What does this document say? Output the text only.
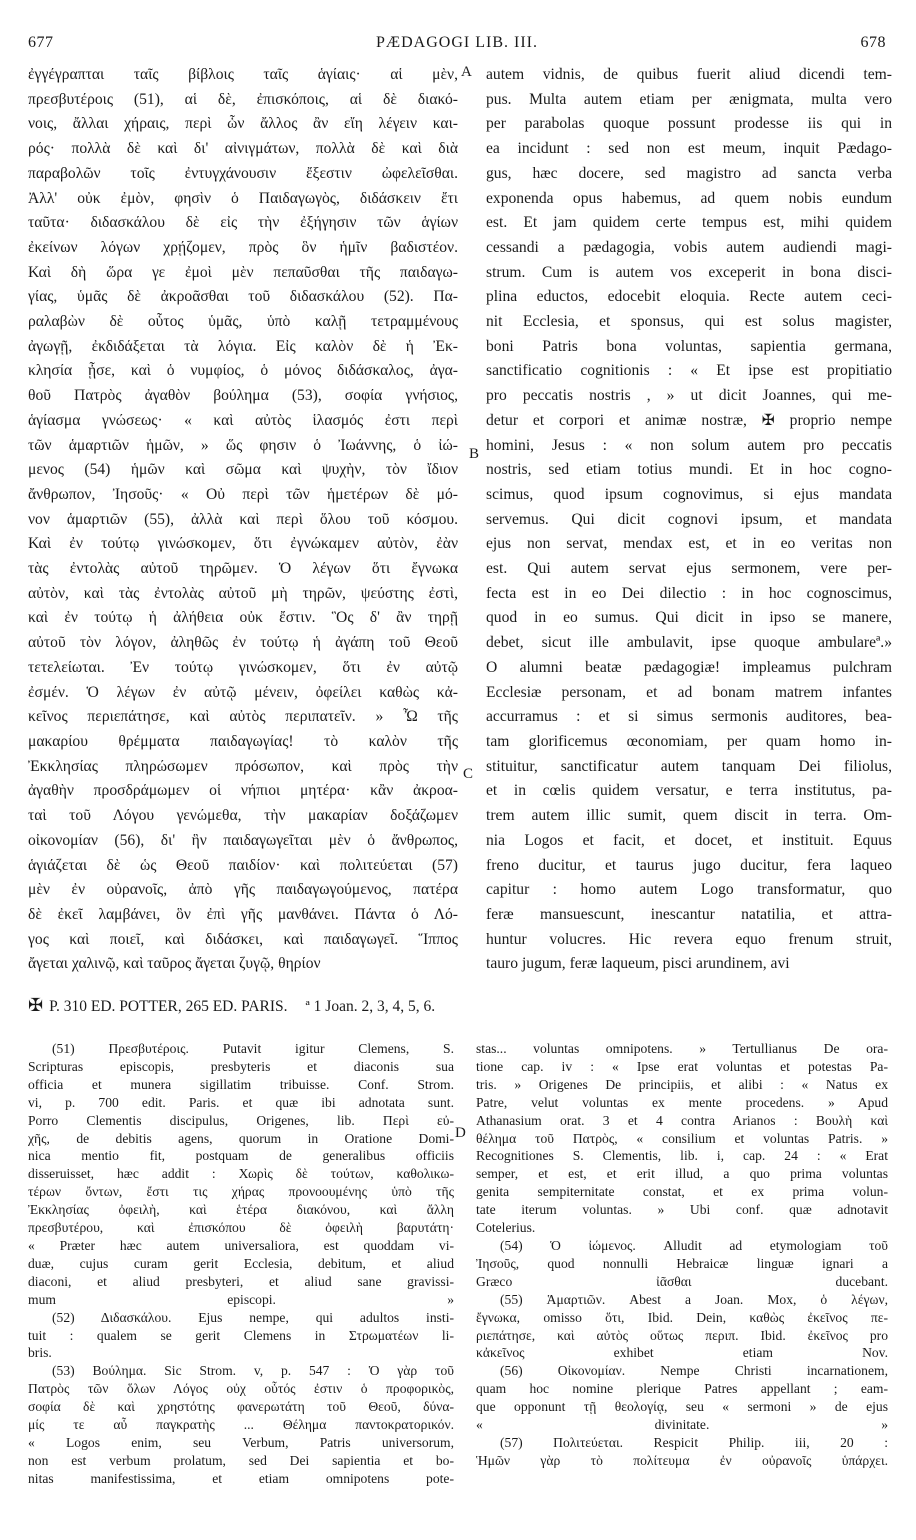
677	PÆDAGOGI LIB. III.	678
ἐγγέγραπται ταῖς βίβλοις ταῖς ἁγίαις· αἱ μὲν,
πρεσβυτέροις (51), αἱ δὲ, ἐπισκόποις, αἱ δὲ διακό-
νοις, ἄλλαι χήραις, περὶ ὧν ἄλλος ἂν εἴη λέγειν και-
ρός· πολλὰ δὲ καὶ δι' αἰνιγμάτων, πολλὰ δὲ καὶ διὰ
παραβολῶν τοῖς ἐντυγχάνουσιν ἔξεστιν ὠφελεῖσθαι.
Ἀλλ' οὐκ ἐμὸν, φησὶν ὁ Παιδαγωγὸς, διδάσκειν ἔτι
ταῦτα· διδασκάλου δὲ εἰς τὴν ἐξήγησιν τῶν ἁγίων
ἐκείνων λόγων χρῄζομεν, πρὸς ὃν ἡμῖν βαδιστέον.
Καὶ δὴ ὥρα γε ἐμοὶ μὲν πεπαῦσθαι τῆς παιδαγω-
γίας, ὑμᾶς δὲ ἀκροᾶσθαι τοῦ διδασκάλου (52). Πα-
ραλαβὼν δὲ οὗτος ὑμᾶς, ὑπὸ καλῇ τετραμμένους
ἀγωγῇ, ἐκδιδάξεται τὰ λόγια. Εἰς καλὸν δὲ ἡ Ἐκ-
κλησία ᾖσε, καὶ ὁ νυμφίος, ὁ μόνος διδάσκαλος, ἀγα-
θοῦ Πατρὸς ἀγαθὸν βούλημα (53), σοφία γνήσιος,
ἁγίασμα γνώσεως· « καὶ αὐτὸς ἱλασμός ἐστι περὶ
τῶν ἁμαρτιῶν ἡμῶν, » ὥς φησιν ὁ Ἰωάννης, ὁ ἰώ-
μενος (54) ἡμῶν καὶ σῶμα καὶ ψυχὴν, τὸν ἴδιον
ἄνθρωπον, Ἰησοῦς· « Οὐ περὶ τῶν ἡμετέρων δὲ μό-
νον ἁμαρτιῶν (55), ἀλλὰ καὶ περὶ ὅλου τοῦ κόσμου.
Καὶ ἐν τούτῳ γινώσκομεν, ὅτι ἐγνώκαμεν αὐτὸν, ἐὰν
τὰς ἐντολὰς αὐτοῦ τηρῶμεν. Ὁ λέγων ὅτι ἔγνωκα
αὐτὸν, καὶ τὰς ἐντολὰς αὐτοῦ μὴ τηρῶν, ψεύστης ἐστὶ,
καὶ ἐν τούτῳ ἡ ἀλήθεια οὐκ ἔστιν. Ὃς δ' ἂν τηρῇ
αὐτοῦ τὸν λόγον, ἀληθῶς ἐν τούτῳ ἡ ἀγάπη τοῦ Θεοῦ
τετελείωται. Ἐν τούτῳ γινώσκομεν, ὅτι ἐν αὐτῷ
ἐσμέν. Ὁ λέγων ἐν αὐτῷ μένειν, ὀφείλει καθὼς κἀ-
κεῖνος περιεπάτησε, καὶ αὐτὸς περιπατεῖν. » Ὦ τῆς
μακαρίου θρέμματα παιδαγωγίας! τὸ καλὸν τῆς
Ἐκκλησίας πληρώσωμεν πρόσωπον, καὶ πρὸς τὴν
ἀγαθὴν προσδράμωμεν οἱ νήπιοι μητέρα· κἂν ἀκροα-
ταὶ τοῦ Λόγου γενώμεθα, τὴν μακαρίαν δοξάζωμεν
οἰκονομίαν (56), δι' ἣν παιδαγωγεῖται μὲν ὁ ἄνθρωπος,
ἁγιάζεται δὲ ὡς Θεοῦ παιδίον· καὶ πολιτεύεται (57)
μὲν ἐν οὐρανοῖς, ἀπὸ γῆς παιδαγωγούμενος, πατέρα
δὲ ἐκεῖ λαμβάνει, ὃν ἐπὶ γῆς μανθάνει. Πάντα ὁ Λό-
γος καὶ ποιεῖ, καὶ διδάσκει, καὶ παιδαγωγεῖ. Ἵππος
ἄγεται χαλινῷ, καὶ ταῦρος ἄγεται ζυγῷ, θηρίον
autem vidnis, de quibus fuerit aliud dicendi tem-
pus. Multa autem etiam per ænigmata, multa vero
per parabolas quoque possunt prodesse iis qui in
ea incidunt : sed non est meum, inquit Pædago-
gus, hæc docere, sed magistro ad sancta verba
exponenda opus habemus, ad quem nobis eundum
est. Et jam quidem certe tempus est, mihi quidem
cessandi a pædagogia, vobis autem audiendi magi-
strum. Cum is autem vos exceperit in bona disci-
plina eductos, edocebit eloquia. Recte autem ceci-
nit Ecclesia, et sponsus, qui est solus magister,
boni Patris bona voluntas, sapientia germana,
sanctificatio cognitionis : « Et ipse est propitiatio
pro peccatis nostris , » ut dicit Joannes, qui me-
detur et corpori et animæ nostræ, ✠ proprio nempe
homini, Jesus : « non solum autem pro peccatis
nostris, sed etiam totius mundi. Et in hoc cogno-
scimus, quod ipsum cognovimus, si ejus mandata
servemus. Qui dicit cognovi ipsum, et mandata
ejus non servat, mendax est, et in eo veritas non
est. Qui autem servat ejus sermonem, vere per-
fecta est in eo Dei dilectio : in hoc cognoscimus,
quod in eo sumus. Qui dicit in ipso se manere,
debet, sicut ille ambulavit, ipse quoque ambulareª.»
O alumni beatæ pædagogiæ! impleamus pulchram
Ecclesiæ personam, et ad bonam matrem infantes
accurramus : et si simus sermonis auditores, bea-
tam glorificemus œconomiam, per quam homo in-
stituitur, sanctificatur autem tanquam Dei filiolus,
et in cœlis quidem versatur, e terra institutus, pa-
trem autem illic sumit, quem discit in terra. Om-
nia Logos et facit, et docet, et instituit. Equus
freno ducitur, et taurus jugo ducitur, fera laqueo
capitur : homo autem Logo transformatur, quo
feræ mansuescunt, inescantur natatilia, et attra-
huntur volucres. Hic revera equo frenum struit,
tauro jugum, feræ laqueum, pisci arundinem, avi
A
B
C
D
✠ P. 310 ED. POTTER, 265 ED. PARIS. ª 1 Joan. 2, 3, 4, 5, 6.
(51) Πρεσβυτέροις. Putavit igitur Clemens, S.
Scripturas episcopis, presbyteris et diaconis sua
officia et munera sigillatim tribuisse. Conf. Strom.
vi, p. 700 edit. Paris. et quæ ibi adnotata sunt.
Porro Clementis discipulus, Origenes, lib. Περὶ εὐ-
χῆς, de debitis agens, quorum in Oratione Domi-
nica mentio fit, postquam de generalibus officiis
disseruisset, hæc addit : Χωρὶς δὲ τούτων, καθολικω-
τέρων ὄντων, ἔστι τις χήρας προνοουμένης ὑπὸ τῆς
Ἐκκλησίας ὀφειλὴ, καὶ ἑτέρα διακόνου, καὶ ἄλλη
πρεσβυτέρου, καὶ ἐπισκόπου δὲ ὀφειλὴ βαρυτάτη·
« Præter hæc autem universaliora, est quoddam vi-
duæ, cujus curam gerit Ecclesia, debitum, et aliud
diaconi, et aliud presbyteri, et aliud sane gravissi-
mum episcopi. »
(52) Διδασκάλου. Ejus nempe, qui adultos insti-
tuit : qualem se gerit Clemens in Στρωματέων li-
bris.
(53) Βούλημα. Sic Strom. v, p. 547 : Ὁ γὰρ τοῦ
Πατρὸς τῶν ὅλων Λόγος οὐχ οὗτός ἐστιν ὁ προφορικὸς,
σοφία δὲ καὶ χρηστότης φανερωτάτη τοῦ Θεοῦ, δύνα-
μίς τε αὖ παγκρατὴς ... Θέλημα παντοκρατορικόν.
« Logos enim, seu Verbum, Patris universorum,
non est verbum prolatum, sed Dei sapientia et bo-
nitas manifestissima, et etiam omnipotens pote-
stas... voluntas omnipotens. » Tertullianus De ora-
tione cap. iv : « Ipse erat voluntas et potestas Pa-
tris. » Origenes De principiis, et alibi : « Natus ex
Patre, velut voluntas ex mente procedens. » Apud
Athanasium orat. 3 et 4 contra Arianos : Βουλὴ καὶ
θέλημα τοῦ Πατρὸς, « consilium et voluntas Patris. »
Recognitiones S. Clementis, lib. i, cap. 24 : « Erat
semper, et est, et erit illud, a quo prima voluntas
genita sempiternitate constat, et ex prima volun-
tate iterum voluntas. » Ubi conf. quæ adnotavit
Cotelerius.
(54) Ὁ ἰώμενος. Alludit ad etymologiam τοῦ
Ἰησοῦς, quod nonnulli Hebraicæ linguæ ignari a
Græco ἰᾶσθαι ducebant.
(55) Ἁμαρτιῶν. Abest a Joan. Mox, ὁ λέγων,
ἔγνωκα, omisso ὅτι, Ibid. Dein, καθὼς ἐκεῖνος πε-
ριεπάτησε, καὶ αὐτὸς οὕτως περιπ. Ibid. ἐκεῖνος pro
κἀκεῖνος exhibet etiam Nov.
(56) Οἰκονομίαν. Nempe Christi incarnationem,
quam hoc nomine plerique Patres appellant ; eam-
que opponunt τῇ θεολογίᾳ, seu « sermoni » de ejus
« divinitate. »
(57) Πολιτεύεται. Respicit Philip. iii, 20 :
Ἡμῶν γὰρ τὸ πολίτευμα ἐν οὐρανοῖς ὑπάρχει.
